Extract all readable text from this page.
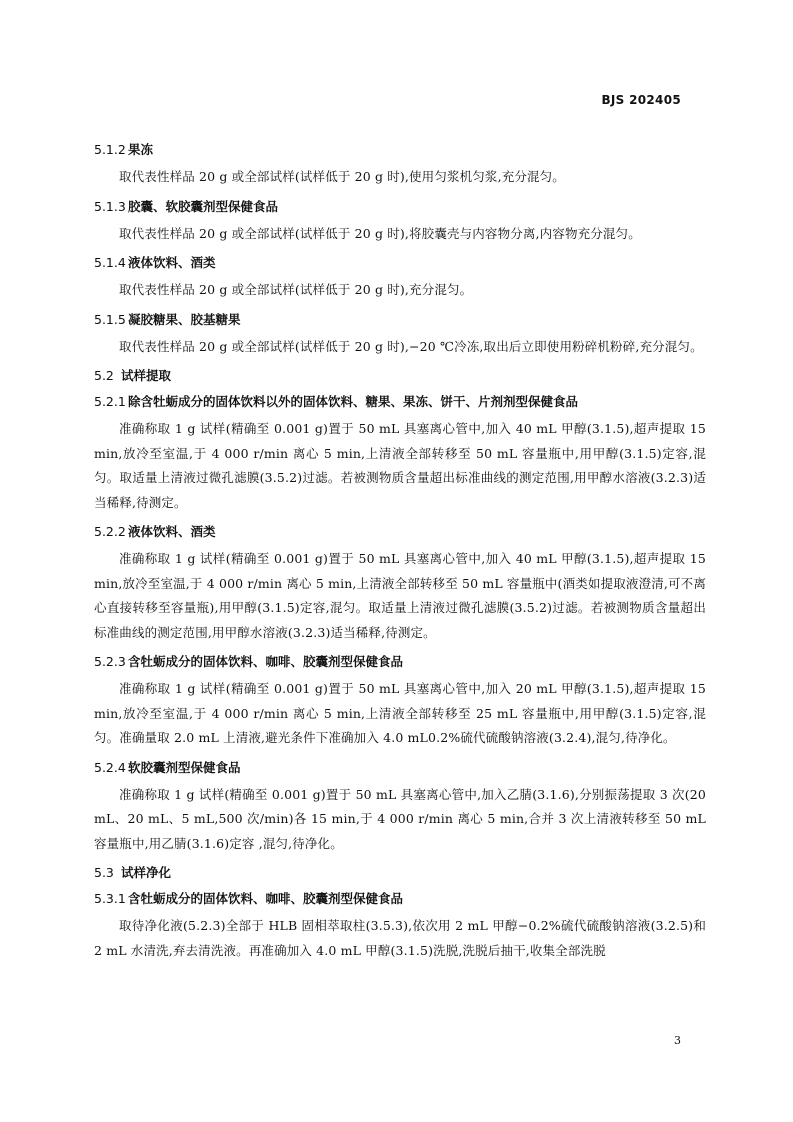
BJS 202405
5.1.2 果冻

取代表性样品 20 g 或全部试样(试样低于 20 g 时),使用匀浆机匀浆,充分混匀。

5.1.3 胶囊、软胶囊剂型保健食品

取代表性样品 20 g 或全部试样(试样低于 20 g 时),将胶囊壳与内容物分离,内容物充分混匀。

5.1.4 液体饮料、酒类

取代表性样品 20 g 或全部试样(试样低于 20 g 时),充分混匀。

5.1.5 凝胶糖果、胶基糖果

取代表性样品 20 g 或全部试样(试样低于 20 g 时),−20 ℃冷冻,取出后立即使用粉碎机粉碎,充分混匀。

5.2 试样提取
5.2.1 除含牡蛎成分的固体饮料以外的固体饮料、糖果、果冻、饼干、片剂剂型保健食品

准确称取 1 g 试样(精确至 0.001 g)置于 50 mL 具塞离心管中,加入 40 mL 甲醇(3.1.5),超声提取 15 min,放冷至室温,于 4 000 r/min 离心 5 min,上清液全部转移至 50 mL 容量瓶中,用甲醇(3.1.5)定容,混匀。取适量上清液过微孔滤膜(3.5.2)过滤。若被测物质含量超出标准曲线的测定范围,用甲醇水溶液(3.2.3)适当稀释,待测定。

5.2.2 液体饮料、酒类

准确称取 1 g 试样(精确至 0.001 g)置于 50 mL 具塞离心管中,加入 40 mL 甲醇(3.1.5),超声提取 15 min,放冷至室温,于 4 000 r/min 离心 5 min,上清液全部转移至 50 mL 容量瓶中(酒类如提取液澄清,可不离心直接转移至容量瓶),用甲醇(3.1.5)定容,混匀。取适量上清液过微孔滤膜(3.5.2)过滤。若被测物质含量超出标准曲线的测定范围,用甲醇水溶液(3.2.3)适当稀释,待测定。

5.2.3 含牡蛎成分的固体饮料、咖啡、胶囊剂型保健食品

准确称取 1 g 试样(精确至 0.001 g)置于 50 mL 具塞离心管中,加入 20 mL 甲醇(3.1.5),超声提取 15 min,放冷至室温,于 4 000 r/min 离心 5 min,上清液全部转移至 25 mL 容量瓶中,用甲醇(3.1.5)定容,混匀。准确量取 2.0 mL 上清液,避光条件下准确加入 4.0 mL0.2%硫代硫酸钠溶液(3.2.4),混匀,待净化。

5.2.4 软胶囊剂型保健食品

准确称取 1 g 试样(精确至 0.001 g)置于 50 mL 具塞离心管中,加入乙腈(3.1.6),分别振荡提取 3 次(20 mL、20 mL、5 mL,500 次/min)各 15 min,于 4 000 r/min 离心 5 min,合并 3 次上清液转移至 50 mL 容量瓶中,用乙腈(3.1.6)定容 ,混匀,待净化。

5.3 试样净化
5.3.1 含牡蛎成分的固体饮料、咖啡、胶囊剂型保健食品

取待净化液(5.2.3)全部于 HLB 固相萃取柱(3.5.3),依次用 2 mL 甲醇−0.2%硫代硫酸钠溶液(3.2.5)和 2 mL 水清洗,弃去清洗液。再准确加入 4.0 mL 甲醇(3.1.5)洗脱,洗脱后抽干,收集全部洗脱

3
